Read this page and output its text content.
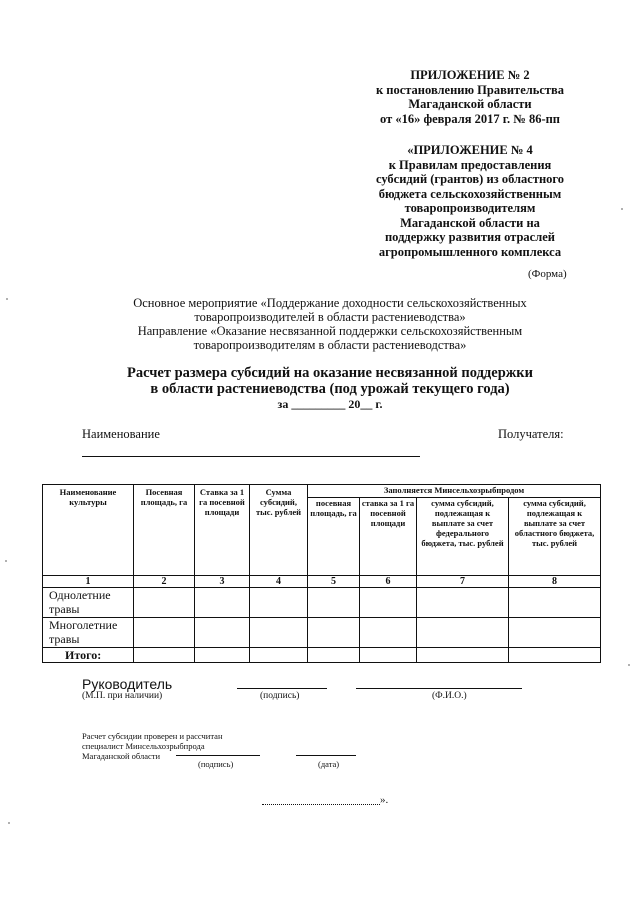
ПРИЛОЖЕНИЕ № 2
к постановлению Правительства
Магаданской области
от «16» февраля 2017 г. № 86-пп
«ПРИЛОЖЕНИЕ № 4
к Правилам предоставления
субсидий (грантов) из областного
бюджета сельскохозяйственным
товаропроизводителям
Магаданской области на
поддержку развития отраслей
агропромышленного комплекса
(Форма)
Основное мероприятие «Поддержание доходности сельскохозяйственных
товаропроизводителей в области растениеводства»
Направление «Оказание несвязанной поддержки сельскохозяйственным
товаропроизводителям в области растениеводства»
Расчет размера субсидий на оказание несвязанной поддержки
в области растениеводства (под урожай текущего года)
за _________ 20__ г.
Наименование	Получателя:
Наименование культуры	Посевная площадь, га	Ставка за 1 га посевной площади	Сумма субсидий, тыс. рублей	Заполняется Минсельхозрыбпродом				
				посевная площадь, га	ставка за 1 га посевной площади	сумма субсидий, подлежащая к выплате за счет федерального бюджета, тыс. рублей	сумма субсидий, подлежащая к выплате за счет областного бюджета, тыс. рублей	
1	2	3	4	5	6	7	8	
Однолетние травы								
Многолетние травы								
Итого:								
Руководитель
(М.П. при наличии)	(подпись)	(Ф.И.О.)
Расчет субсидии проверен и рассчитан
специалист Минсельхозрыбпрода
Магаданской области
(подпись)	(дата)
».
